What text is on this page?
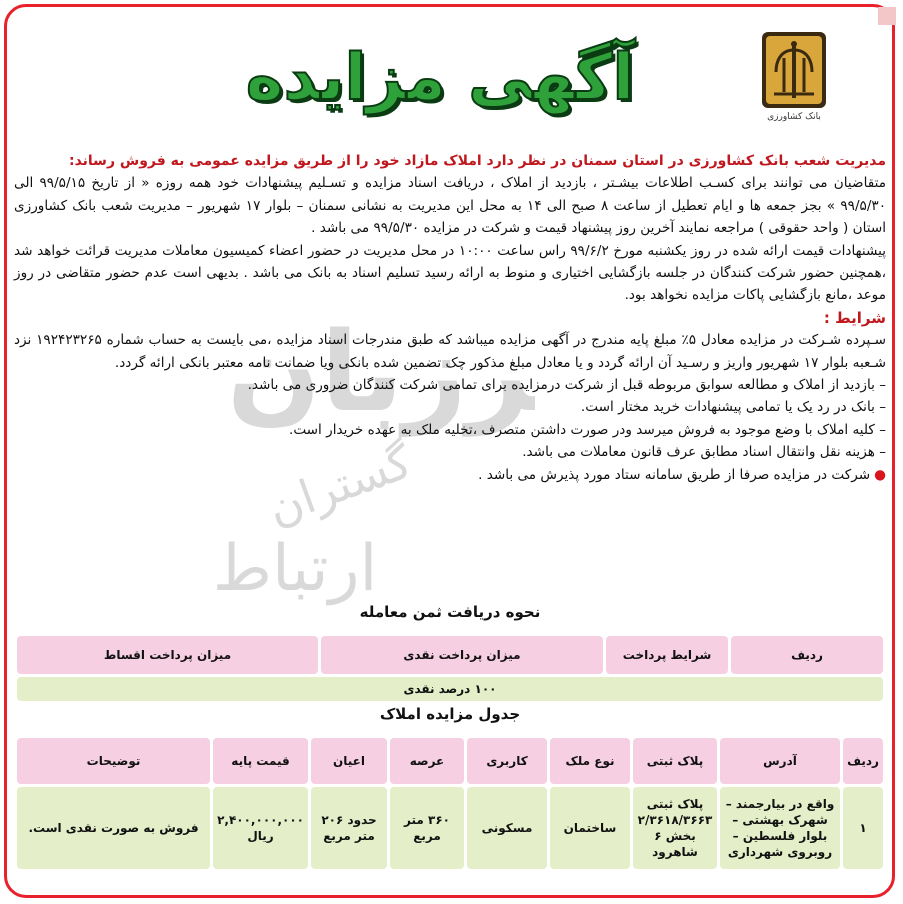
بانک کشاورزی
آگهی مزایده
رزبان
گستران
ارتباط

مدیریت شعب بانک کشاورزی در استان سمنان در نظر دارد املاک مازاد خود را از طریق مزایده عمومی به فروش رساند:

متقاضیان می توانند برای کسـب اطلاعات بیشـتر ، بازدید از املاک ، دریافت اسناد مزایده و تسـلیم پیشنهادات خود همه روزه « از تاریخ ۹۹/۵/۱۵ الی ۹۹/۵/۳۰ » بجز جمعه ها و ایام تعطیل از ساعت ۸ صبح الی ۱۴ به محل این مدیریت به نشانی سمنان – بلوار ۱۷ شهریور – مدیریت شعب بانک کشاورزی استان ( واحد حقوقی ) مراجعه نمایند آخرین روز پیشنهاد قیمت و شرکت در مزایده ۹۹/۵/۳۰ می باشد .

پیشنهادات قیمت ارائه شده در روز یکشنبه مورخ ۹۹/۶/۲ راس ساعت ۱۰:۰۰ در محل مدیریت در حضور اعضاء کمیسیون معاملات مدیریت قرائت خواهد شد ،همچنین حضور شرکت کنندگان در جلسه بازگشایی اختیاری و منوط به ارائه رسید تسلیم اسناد به بانک می باشد . بدیهی است عدم حضور متقاضی در روز موعد ،مانع بازگشایی پاکات مزایده نخواهد بود.

شرایط :

سـپرده شـرکت در مزایده معادل ۵٪ مبلغ پایه مندرج در آگهی مزایده میباشد که طبق مندرجات اسناد مزایده ،می بایست به حساب شماره ۱۹۲۴۲۳۲۶۵ نزد شـعبه بلوار ۱۷ شهریور واریز و رسـید آن ارائه گردد و یا معادل مبلغ مذکور چک تضمین شده بانکی ویا ضمانت نامه معتبر بانکی ارائه گردد.

– بازدید از املاک و مطالعه سوابق مربوطه قبل از شرکت درمزایده برای تمامی شرکت کنندگان ضروری می باشد.

– بانک در رد یک یا تمامی پیشنهادات خرید مختار است.

– کلیه املاک با وضع موجود به فروش میرسد ودر صورت داشتن متصرف ،تخلیه ملک به عهده خریدار است.

– هزینه نقل وانتقال اسناد مطابق عرف قانون معاملات می باشد.

● شرکت در مزایده صرفا از طریق سامانه ستاد مورد پذیرش می باشد .

نحوه دریافت ثمن معامله
ردیف	شرایط پرداخت	میزان پرداخت نقدی	میزان پرداخت اقساط
۱۰۰ درصد نقدی
جدول مزایده املاک
ردیف	آدرس	پلاک ثبتی	نوع ملک	کاربری	عرصه	اعیان	قیمت پایه	توضیحات
۱	واقع در بیارجمند – شهرک بهشتی – بلوار فلسطین – روبروی شهرداری	پلاک ثبتی ۲/۳۶۱۸/۳۶۶۳ بخش ۶ شاهرود	ساختمان	مسکونی	۳۶۰ متر مربع	حدود ۲۰۶ متر مربع	۲,۴۰۰,۰۰۰,۰۰۰ ریال	فروش به صورت نقدی است.
